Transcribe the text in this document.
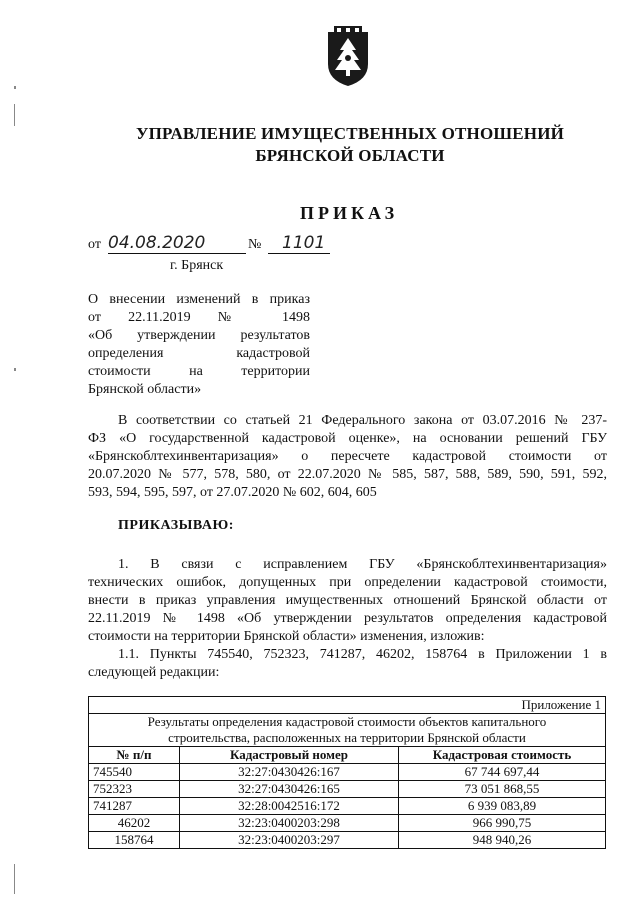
УПРАВЛЕНИЕ ИМУЩЕСТВЕННЫХ ОТНОШЕНИЙ
БРЯНСКОЙ ОБЛАСТИ
ПРИКАЗ
от 04.08.2020	№	1101
г. Брянск
О внесении изменений в приказ
от 22.11.2019 № 1498
«Об утверждении результатов
определения кадастровой
стоимости на территории
Брянской области»
В соответствии со статьей 21 Федерального закона от 03.07.2016 № 237-
ФЗ «О государственной кадастровой оценке», на основании решений ГБУ
«Брянскоблтехинвентаризация» о пересчете кадастровой стоимости от
20.07.2020 № 577, 578, 580, от 22.07.2020 № 585, 587, 588, 589, 590, 591, 592,
593, 594, 595, 597, от 27.07.2020 № 602, 604, 605
ПРИКАЗЫВАЮ:
1. В связи с исправлением ГБУ «Брянскоблтехинвентаризация»
технических ошибок, допущенных при определении кадастровой стоимости,
внести в приказ управления имущественных отношений Брянской области от
22.11.2019 № 1498 «Об утверждении результатов определения кадастровой
стоимости на территории Брянской области» изменения, изложив:
1.1. Пункты 745540, 752323, 741287, 46202, 158764 в Приложении 1 в
следующей редакции:
Приложение 1		

Результаты определения кадастровой стоимости объектов капитального
строительства, расположенных на территории Брянской области		

№ п/п	Кадастровый номер	Кадастровая стоимость
745540	32:27:0430426:167	67 744 697,44
752323	32:27:0430426:165	73 051 868,55
741287	32:28:0042516:172	6 939 083,89
46202	32:23:0400203:298	966 990,75
158764	32:23:0400203:297	948 940,26
